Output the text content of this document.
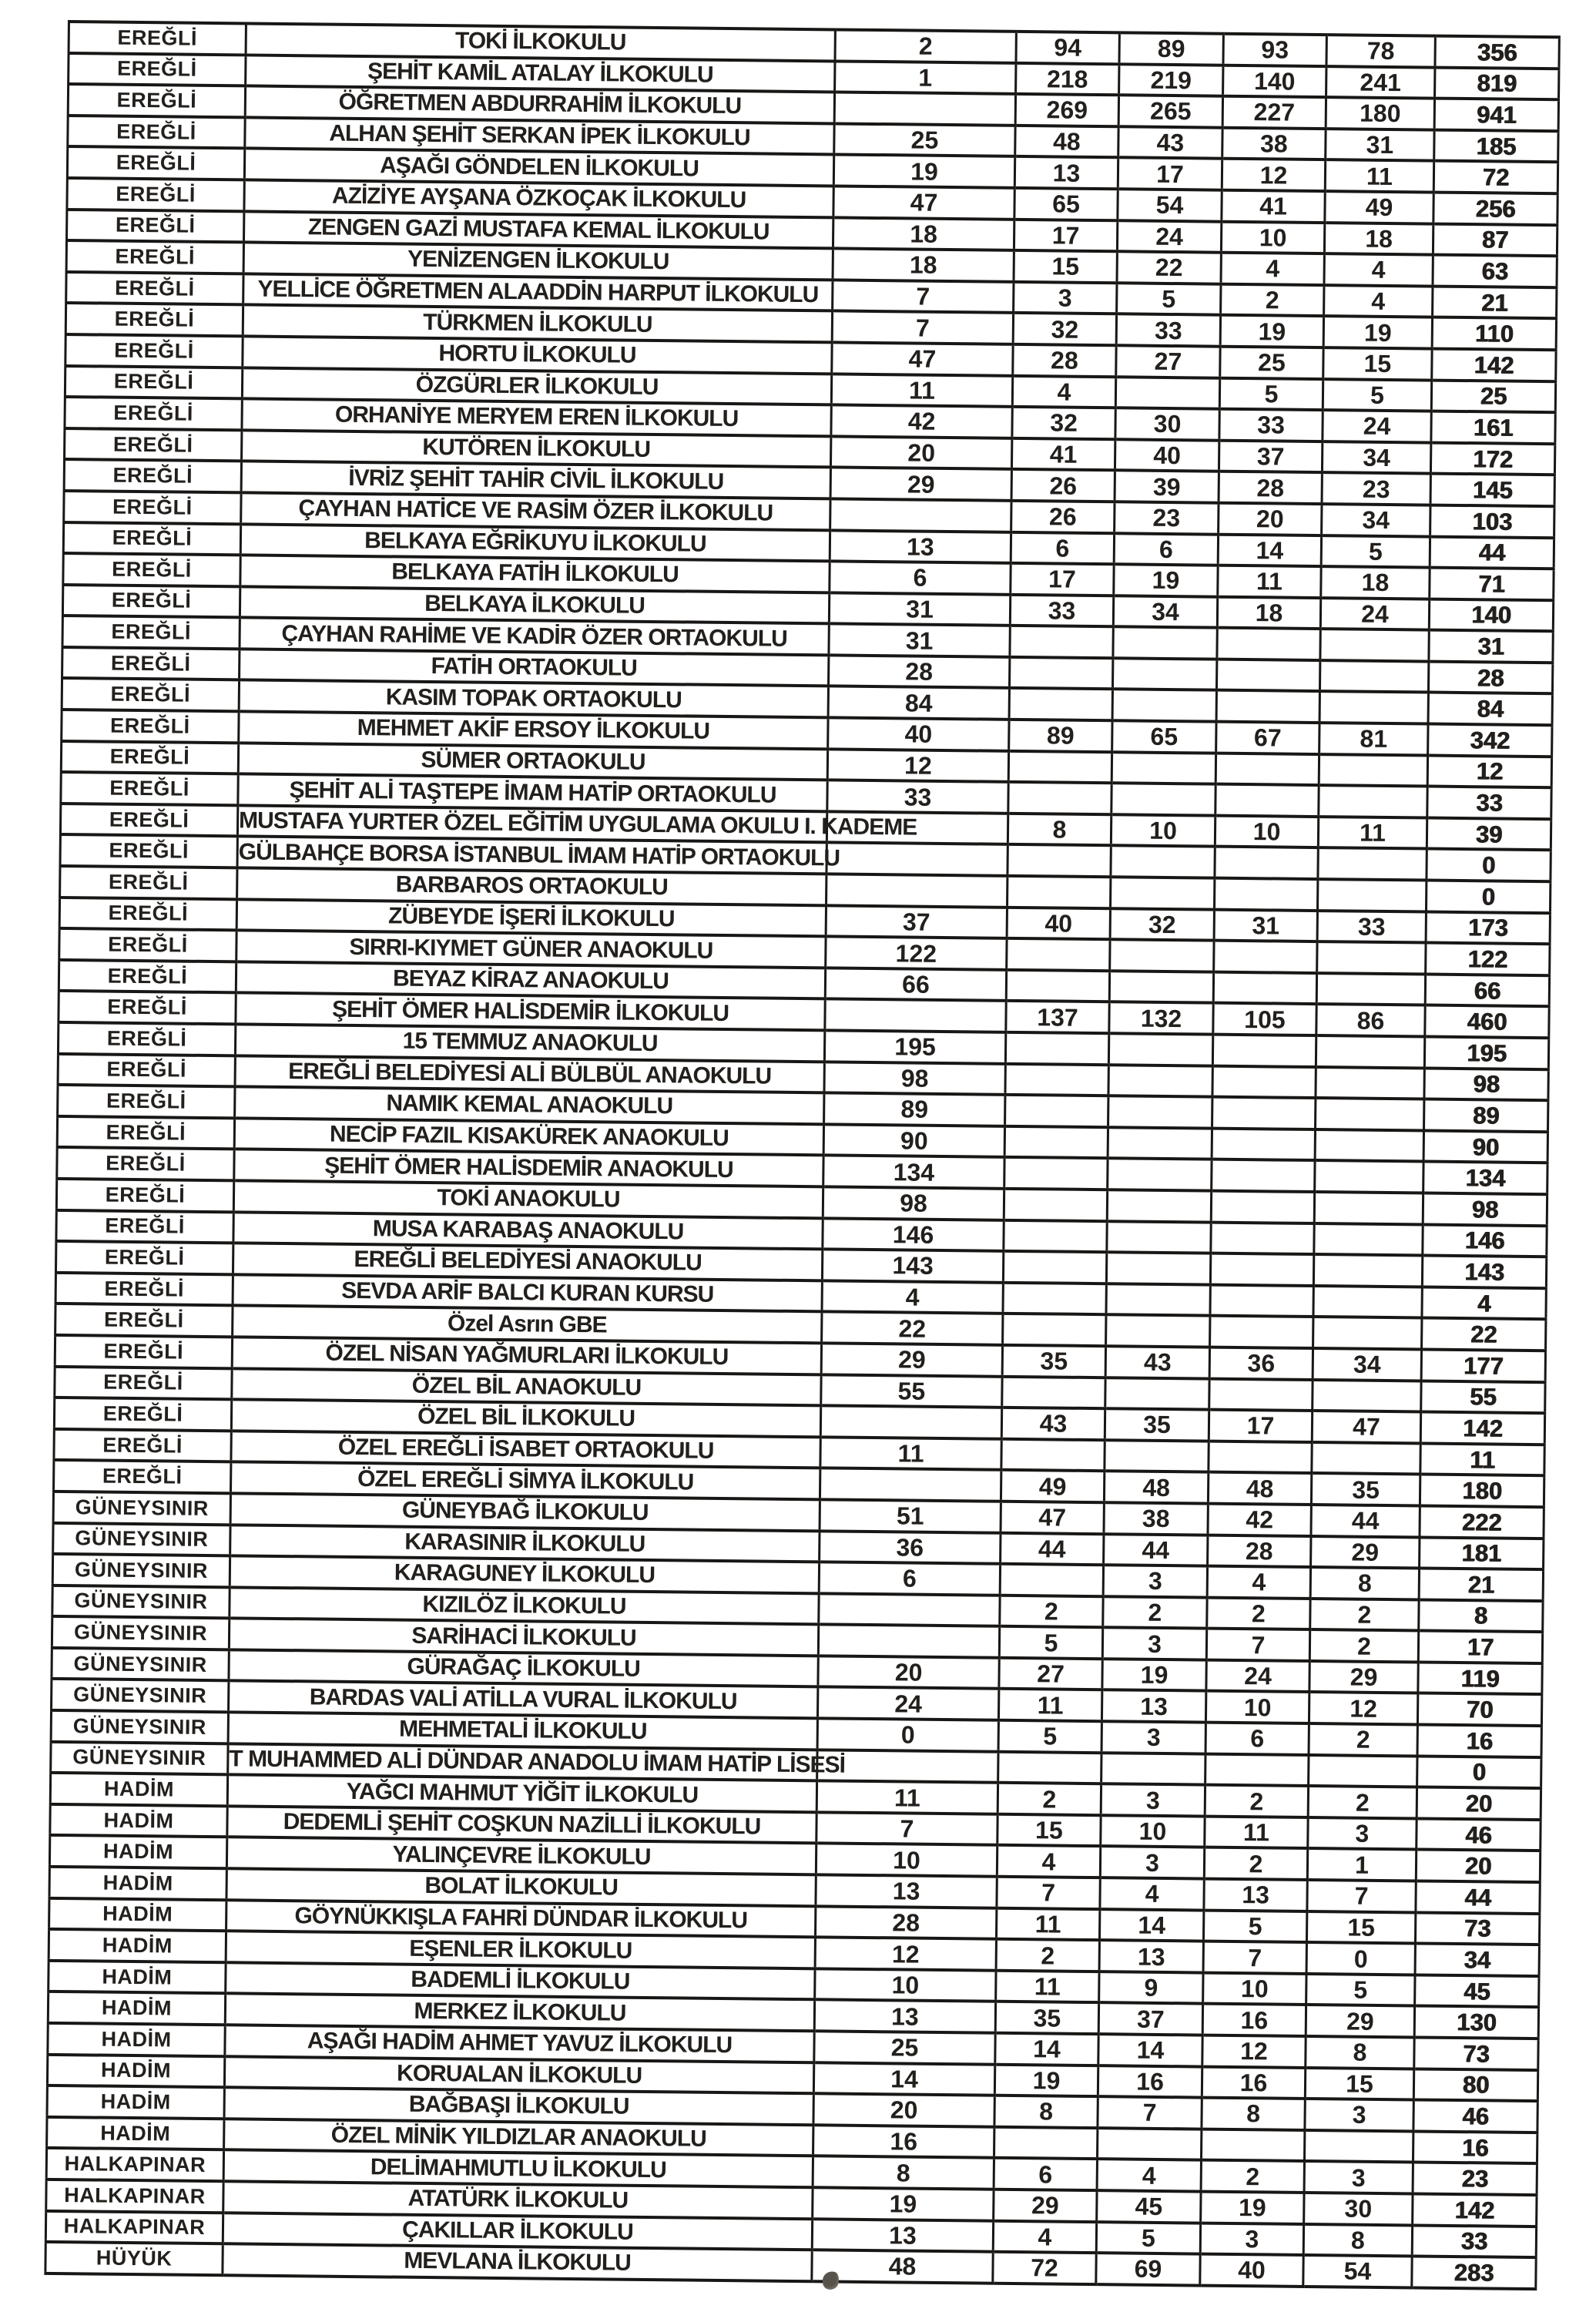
EREĞLİ	TOKİ İLKOKULU	2	94	89	93	78	356
EREĞLİ	ŞEHİT KAMİL ATALAY İLKOKULU	1	218	219	140	241	819
EREĞLİ	ÖĞRETMEN ABDURRAHİM İLKOKULU		269	265	227	180	941
EREĞLİ	ALHAN ŞEHİT SERKAN İPEK İLKOKULU	25	48	43	38	31	185
EREĞLİ	AŞAĞI GÖNDELEN İLKOKULU	19	13	17	12	11	72
EREĞLİ	AZİZİYE AYŞANA ÖZKOÇAK İLKOKULU	47	65	54	41	49	256
EREĞLİ	ZENGEN GAZİ MUSTAFA KEMAL İLKOKULU	18	17	24	10	18	87
EREĞLİ	YENİZENGEN İLKOKULU	18	15	22	4	4	63
EREĞLİ	YELLİCE ÖĞRETMEN ALAADDİN HARPUT İLKOKULU	7	3	5	2	4	21
EREĞLİ	TÜRKMEN İLKOKULU	7	32	33	19	19	110
EREĞLİ	HORTU İLKOKULU	47	28	27	25	15	142
EREĞLİ	ÖZGÜRLER İLKOKULU	11	4		5	5	25
EREĞLİ	ORHANİYE MERYEM EREN İLKOKULU	42	32	30	33	24	161
EREĞLİ	KUTÖREN İLKOKULU	20	41	40	37	34	172
EREĞLİ	İVRİZ ŞEHİT TAHİR CİVİL İLKOKULU	29	26	39	28	23	145
EREĞLİ	ÇAYHAN HATİCE VE RASİM ÖZER İLKOKULU		26	23	20	34	103
EREĞLİ	BELKAYA EĞRİKUYU İLKOKULU	13	6	6	14	5	44
EREĞLİ	BELKAYA FATİH İLKOKULU	6	17	19	11	18	71
EREĞLİ	BELKAYA İLKOKULU	31	33	34	18	24	140
EREĞLİ	ÇAYHAN RAHİME VE KADİR ÖZER ORTAOKULU	31					31
EREĞLİ	FATİH ORTAOKULU	28					28
EREĞLİ	KASIM TOPAK ORTAOKULU	84					84
EREĞLİ	MEHMET AKİF ERSOY İLKOKULU	40	89	65	67	81	342
EREĞLİ	SÜMER ORTAOKULU	12					12
EREĞLİ	ŞEHİT ALİ TAŞTEPE İMAM HATİP ORTAOKULU	33					33
EREĞLİ	MUSTAFA YURTER ÖZEL EĞİTİM UYGULAMA OKULU I. KADEME		8	10	10	11	39
EREĞLİ	GÜLBAHÇE BORSA İSTANBUL İMAM HATİP ORTAOKULU						0
EREĞLİ	BARBAROS ORTAOKULU						0
EREĞLİ	ZÜBEYDE İŞERİ İLKOKULU	37	40	32	31	33	173
EREĞLİ	SIRRI-KIYMET GÜNER ANAOKULU	122					122
EREĞLİ	BEYAZ KİRAZ ANAOKULU	66					66
EREĞLİ	ŞEHİT ÖMER HALİSDEMİR İLKOKULU		137	132	105	86	460
EREĞLİ	15 TEMMUZ ANAOKULU	195					195
EREĞLİ	EREĞLİ BELEDİYESİ ALİ BÜLBÜL ANAOKULU	98					98
EREĞLİ	NAMIK KEMAL ANAOKULU	89					89
EREĞLİ	NECİP FAZIL KISAKÜREK ANAOKULU	90					90
EREĞLİ	ŞEHİT ÖMER HALİSDEMİR ANAOKULU	134					134
EREĞLİ	TOKİ ANAOKULU	98					98
EREĞLİ	MUSA KARABAŞ ANAOKULU	146					146
EREĞLİ	EREĞLİ BELEDİYESİ ANAOKULU	143					143
EREĞLİ	SEVDA ARİF BALCI KURAN KURSU	4					4
EREĞLİ	Özel Asrın GBE	22					22
EREĞLİ	ÖZEL NİSAN YAĞMURLARI İLKOKULU	29	35	43	36	34	177
EREĞLİ	ÖZEL BİL ANAOKULU	55					55
EREĞLİ	ÖZEL BİL İLKOKULU		43	35	17	47	142
EREĞLİ	ÖZEL EREĞLİ İSABET ORTAOKULU	11					11
EREĞLİ	ÖZEL EREĞLİ SİMYA İLKOKULU		49	48	48	35	180
GÜNEYSINIR	GÜNEYBAĞ İLKOKULU	51	47	38	42	44	222
GÜNEYSINIR	KARASINIR İLKOKULU	36	44	44	28	29	181
GÜNEYSINIR	KARAGUNEY İLKOKULU	6		3	4	8	21
GÜNEYSINIR	KIZILÖZ İLKOKULU		2	2	2	2	8
GÜNEYSINIR	SARİHACİ İLKOKULU		5	3	7	2	17
GÜNEYSINIR	GÜRAĞAÇ İLKOKULU	20	27	19	24	29	119
GÜNEYSINIR	BARDAS VALİ ATİLLA VURAL İLKOKULU	24	11	13	10	12	70
GÜNEYSINIR	MEHMETALİ İLKOKULU	0	5	3	6	2	16
GÜNEYSINIR	T MUHAMMED ALİ DÜNDAR ANADOLU İMAM HATİP LİSESİ						0
HADİM	YAĞCI MAHMUT YİĞİT İLKOKULU	11	2	3	2	2	20
HADİM	DEDEMLİ ŞEHİT COŞKUN NAZİLLİ İLKOKULU	7	15	10	11	3	46
HADİM	YALINÇEVRE İLKOKULU	10	4	3	2	1	20
HADİM	BOLAT İLKOKULU	13	7	4	13	7	44
HADİM	GÖYNÜKKIŞLA FAHRİ DÜNDAR İLKOKULU	28	11	14	5	15	73
HADİM	EŞENLER İLKOKULU	12	2	13	7	0	34
HADİM	BADEMLİ İLKOKULU	10	11	9	10	5	45
HADİM	MERKEZ İLKOKULU	13	35	37	16	29	130
HADİM	AŞAĞI HADİM AHMET YAVUZ İLKOKULU	25	14	14	12	8	73
HADİM	KORUALAN İLKOKULU	14	19	16	16	15	80
HADİM	BAĞBAŞI İLKOKULU	20	8	7	8	3	46
HADİM	ÖZEL MİNİK YILDIZLAR ANAOKULU	16					16
HALKAPINAR	DELİMAHMUTLU İLKOKULU	8	6	4	2	3	23
HALKAPINAR	ATATÜRK İLKOKULU	19	29	45	19	30	142
HALKAPINAR	ÇAKILLAR İLKOKULU	13	4	5	3	8	33
HÜYÜK	MEVLANA İLKOKULU	48	72	69	40	54	283
